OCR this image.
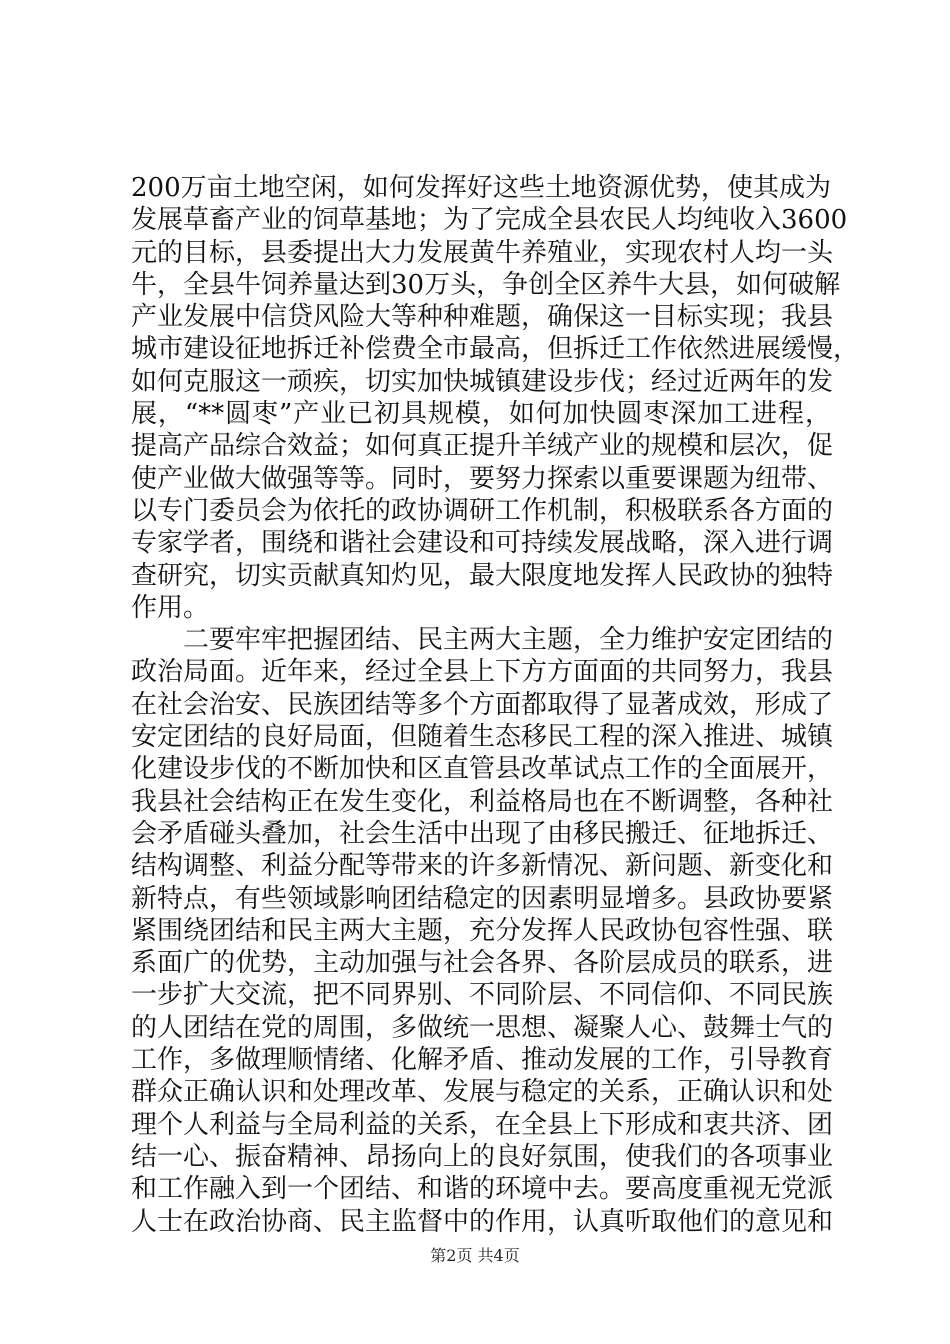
200万亩土地空闲，如何发挥好这些土地资源优势，使其成为
发展草畜产业的饲草基地；为了完成全县农民人均纯收入3600
元的目标，县委提出大力发展黄牛养殖业，实现农村人均一头
牛，全县牛饲养量达到30万头，争创全区养牛大县，如何破解
产业发展中信贷风险大等种种难题，确保这一目标实现；我县
城市建设征地拆迁补偿费全市最高，但拆迁工作依然进展缓慢，
如何克服这一顽疾，切实加快城镇建设步伐；经过近两年的发
展，“**圆枣”产业已初具规模，如何加快圆枣深加工进程，
提高产品综合效益；如何真正提升羊绒产业的规模和层次，促
使产业做大做强等等。同时，要努力探索以重要课题为纽带、
以专门委员会为依托的政协调研工作机制，积极联系各方面的
专家学者，围绕和谐社会建设和可持续发展战略，深入进行调
查研究，切实贡献真知灼见，最大限度地发挥人民政协的独特
作用。
　　二要牢牢把握团结、民主两大主题，全力维护安定团结的
政治局面。近年来，经过全县上下方方面面的共同努力，我县
在社会治安、民族团结等多个方面都取得了显著成效，形成了
安定团结的良好局面，但随着生态移民工程的深入推进、城镇
化建设步伐的不断加快和区直管县改革试点工作的全面展开，
我县社会结构正在发生变化，利益格局也在不断调整，各种社
会矛盾碰头叠加，社会生活中出现了由移民搬迁、征地拆迁、
结构调整、利益分配等带来的许多新情况、新问题、新变化和
新特点，有些领域影响团结稳定的因素明显增多。县政协要紧
紧围绕团结和民主两大主题，充分发挥人民政协包容性强、联
系面广的优势，主动加强与社会各界、各阶层成员的联系，进
一步扩大交流，把不同界别、不同阶层、不同信仰、不同民族
的人团结在党的周围，多做统一思想、凝聚人心、鼓舞士气的
工作，多做理顺情绪、化解矛盾、推动发展的工作，引导教育
群众正确认识和处理改革、发展与稳定的关系，正确认识和处
理个人利益与全局利益的关系，在全县上下形成和衷共济、团
结一心、振奋精神、昂扬向上的良好氛围，使我们的各项事业
和工作融入到一个团结、和谐的环境中去。要高度重视无党派
人士在政治协商、民主监督中的作用，认真听取他们的意见和
第2页 共4页
